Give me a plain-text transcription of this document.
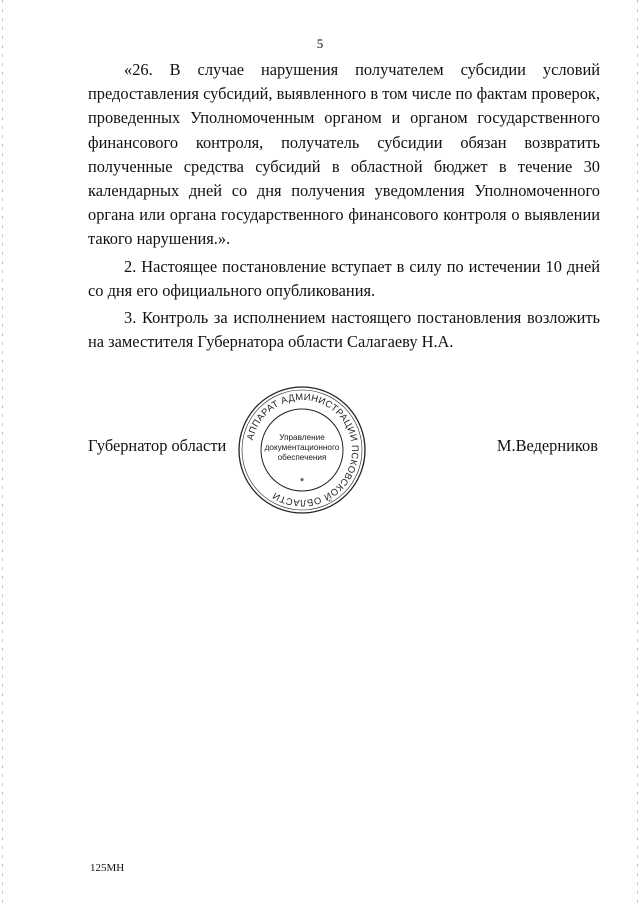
5

«26. В случае нарушения получателем субсидии условий предоставления субсидий, выявленного в том числе по фактам проверок, проведенных Уполномоченным органом и органом государственного финансового контроля, получатель субсидии обязан возвратить полученные средства субсидий в областной бюджет в течение 30 календарных дней со дня получения уведомления Уполномоченного органа или органа государственного финансового контроля о выявлении такого нарушения.».

2. Настоящее постановление вступает в силу по истечении 10 дней со дня его официального опубликования.

3. Контроль за исполнением настоящего постановления возложить на заместителя Губернатора области Салагаеву Н.А.

Губернатор области АППАРАТ АДМИНИСТРАЦИИ ПСКОВСКОЙ ОБЛАСТИ
Управление
документационного
обеспечения
*
М.Ведерников
125МН
